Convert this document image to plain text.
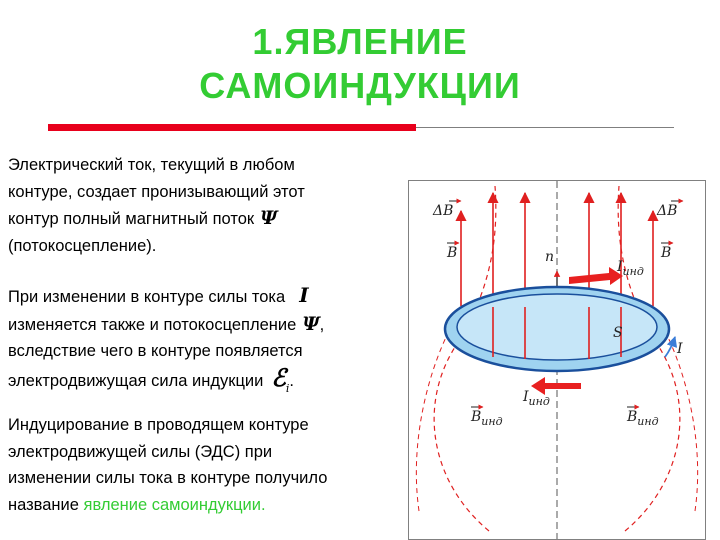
1.ЯВЛЕНИЕ
САМОИНДУКЦИИ
Электрический ток, текущий в любом
контуре, создает пронизывающий этот
контур полный магнитный поток Ψ
(потокосцепление).
При изменении в контуре силы тока I
изменяется также и потокосцепление Ψ,
вследствие чего в контуре появляется
электродвижущая сила индукции ℰ$_i$.
Индуцирование в проводящем контуре
электродвижущей силы (ЭДС) при
изменении силы тока в контуре получило
название явление самоиндукции.
ΔB	ΔB
B	B
n
$I_{инд}$
S
I
$I_{инд}$
$B_{инд}$	$B_{инд}$
